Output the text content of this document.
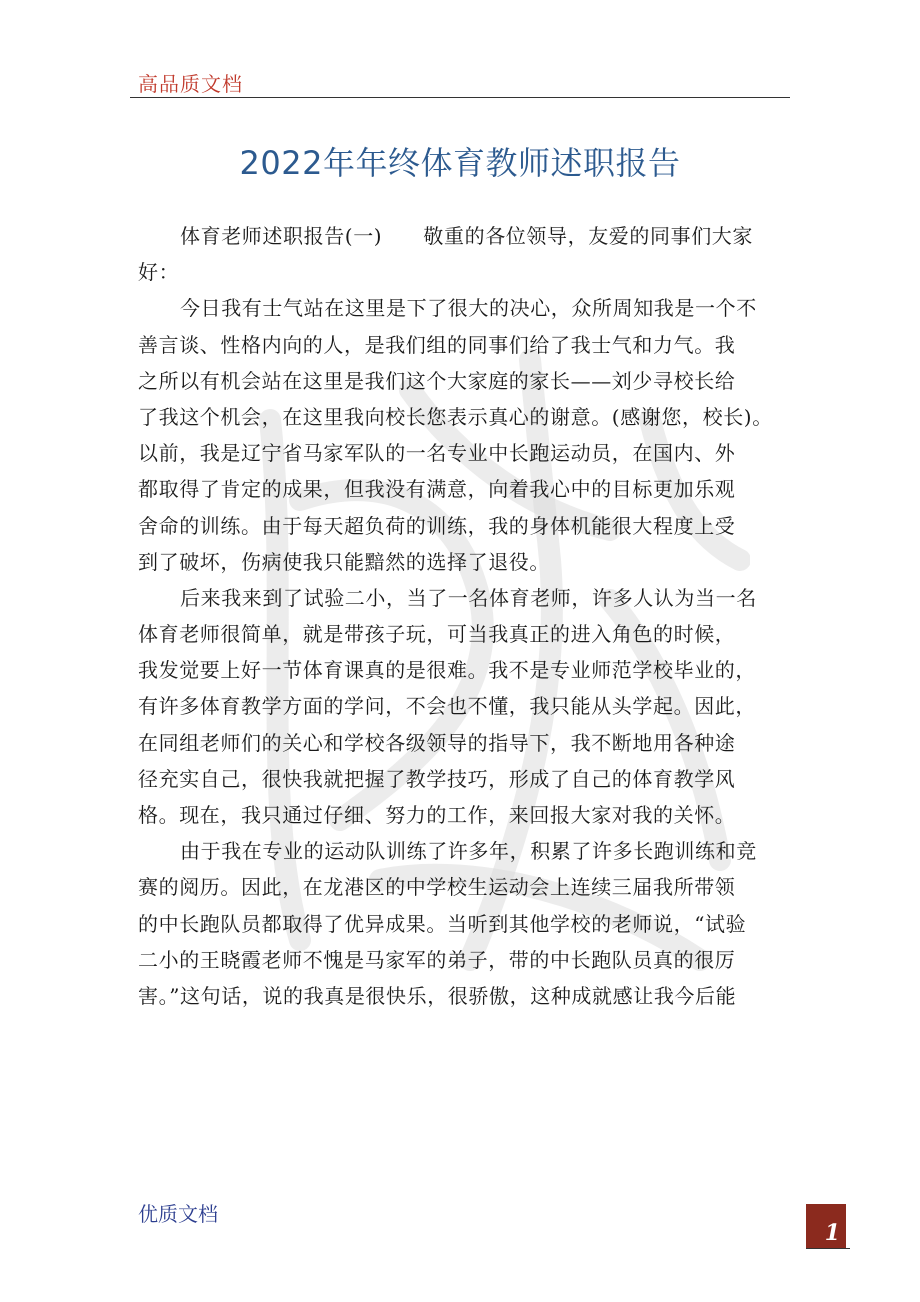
高品质文档
2022年年终体育教师述职报告
体育老师述职报告(一)　　敬重的各位领导，友爱的同事们大家
好：
今日我有士气站在这里是下了很大的决心，众所周知我是一个不
善言谈、性格内向的人，是我们组的同事们给了我士气和力气。我
之所以有机会站在这里是我们这个大家庭的家长——刘少寻校长给
了我这个机会，在这里我向校长您表示真心的谢意。(感谢您，校长)。
以前，我是辽宁省马家军队的一名专业中长跑运动员，在国内、外
都取得了肯定的成果，但我没有满意，向着我心中的目标更加乐观
舍命的训练。由于每天超负荷的训练，我的身体机能很大程度上受
到了破坏，伤病使我只能黯然的选择了退役。
后来我来到了试验二小，当了一名体育老师，许多人认为当一名
体育老师很简单，就是带孩子玩，可当我真正的进入角色的时候，
我发觉要上好一节体育课真的是很难。我不是专业师范学校毕业的，
有许多体育教学方面的学问，不会也不懂，我只能从头学起。因此，
在同组老师们的关心和学校各级领导的指导下，我不断地用各种途
径充实自己，很快我就把握了教学技巧，形成了自己的体育教学风
格。现在，我只通过仔细、努力的工作，来回报大家对我的关怀。
由于我在专业的运动队训练了许多年，积累了许多长跑训练和竞
赛的阅历。因此，在龙港区的中学校生运动会上连续三届我所带领
的中长跑队员都取得了优异成果。当听到其他学校的老师说，“试验
二小的王晓霞老师不愧是马家军的弟子，带的中长跑队员真的很厉
害。”这句话，说的我真是很快乐，很骄傲，这种成就感让我今后能
优质文档
1
